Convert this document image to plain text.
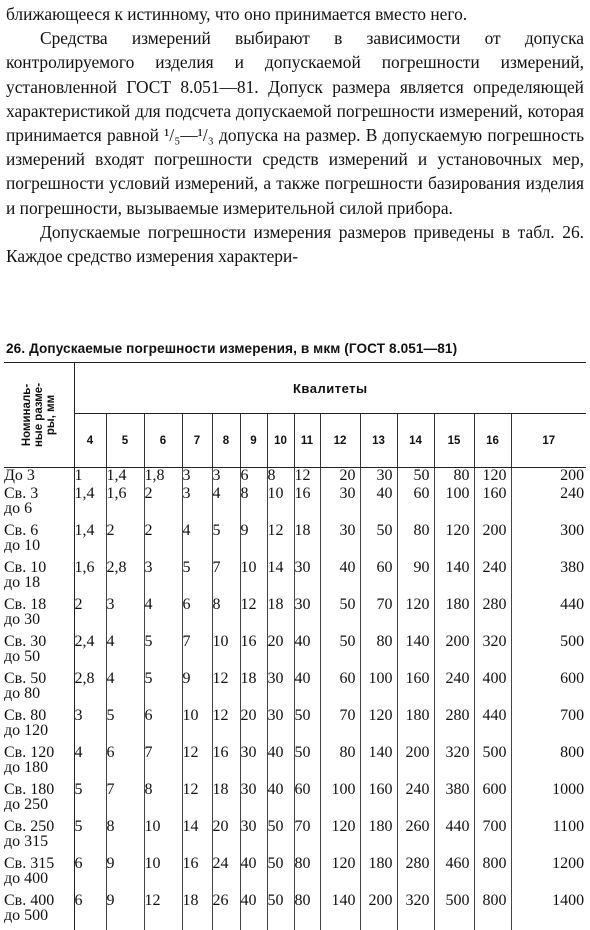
ближающееся к истинному, что оно принимается вместо него.

Средства измерений выбирают в зависимости от допуска контролируемого изделия и допускаемой погрешности измерений, установленной ГОСТ 8.051—81. Допуск размера является определяющей характеристикой для подсчета допускаемой погрешности измерений, которая принимается равной ¹/₅—¹/₃ допуска на размер. В допускаемую погрешность измерений входят погрешности средств измерений и установочных мер, погрешности условий измерений, а также погрешности базирования изделия и погрешности, вызываемые измерительной силой прибора.

Допускаемые погрешности измерения размеров приведены в табл. 26. Каждое средство измерения характери-

26. Допускаемые погрешности измерения, в мкм (ГОСТ 8.051—81)
Номиналь- ные разме- ры, мм	Квалитеты													
	4	5	6	7	8	9	10	11	12	13	14	15	16	17

До 3	1	1,4	1,8	3	3	6	8	12	20	30	50	80	120	200

Св. 3
до 6	1,4	1,6	2	3	4	8	10	16	30	40	60	100	160	240

Св. 6
до 10	1,4	2	2	4	5	9	12	18	30	50	80	120	200	300

Св. 10
до 18	1,6	2,8	3	5	7	10	14	30	40	60	90	140	240	380

Св. 18
до 30	2	3	4	6	8	12	18	30	50	70	120	180	280	440

Св. 30
до 50	2,4	4	5	7	10	16	20	40	50	80	140	200	320	500

Св. 50
до 80	2,8	4	5	9	12	18	30	40	60	100	160	240	400	600

Св. 80
до 120	3	5	6	10	12	20	30	50	70	120	180	280	440	700

Св. 120
до 180	4	6	7	12	16	30	40	50	80	140	200	320	500	800

Св. 180
до 250	5	7	8	12	18	30	40	60	100	160	240	380	600	1000

Св. 250
до 315	5	8	10	14	20	30	50	70	120	180	260	440	700	1100

Св. 315
до 400	6	9	10	16	24	40	50	80	120	180	280	460	800	1200

Св. 400
до 500	6	9	12	18	26	40	50	80	140	200	320	500	800	1400
